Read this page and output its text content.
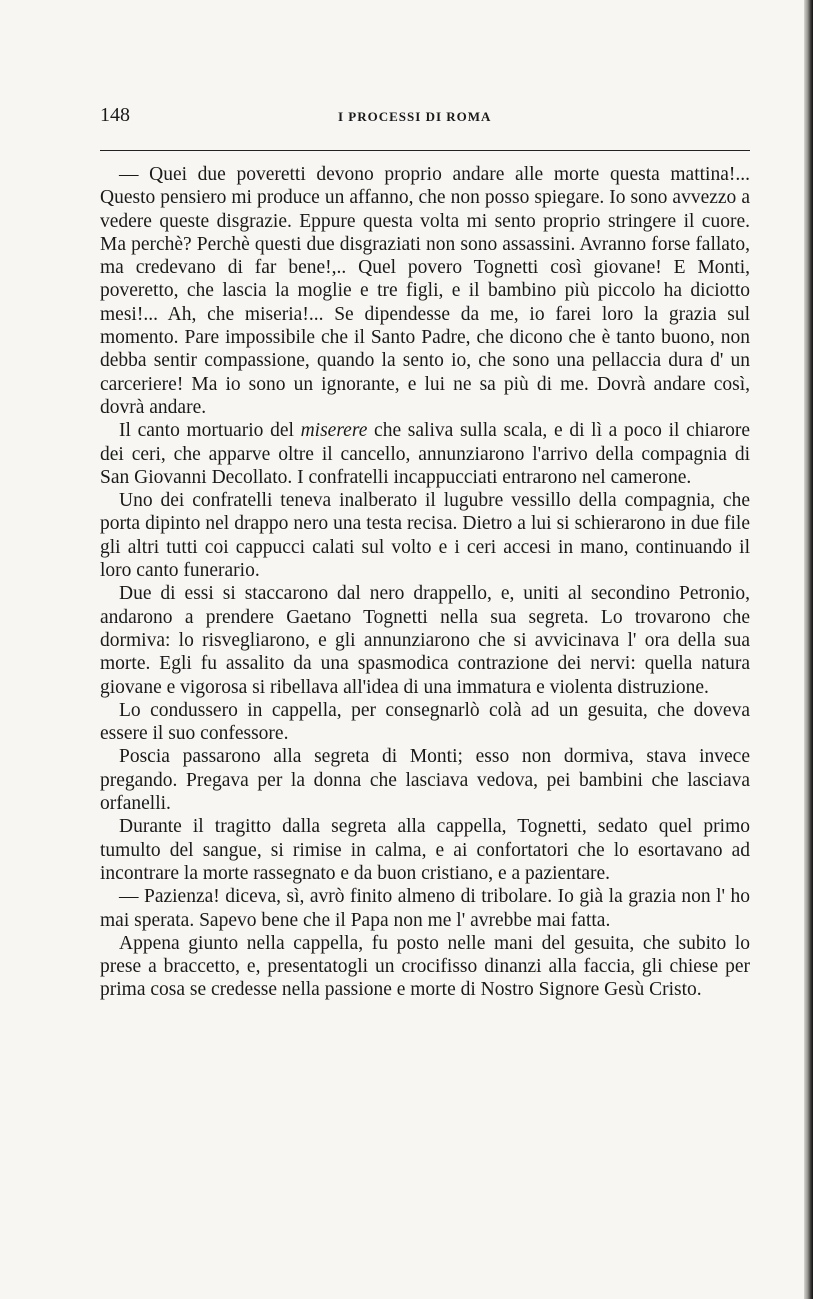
148	I PROCESSI DI ROMA

— Quei due poveretti devono proprio andare alle morte questa mattina!... Questo pensiero mi produce un affanno, che non posso spiegare. Io sono avvezzo a vedere queste disgrazie. Eppure questa volta mi sento proprio stringere il cuore. Ma perchè? Perchè questi due disgraziati non sono assassini. Avranno forse fallato, ma credevano di far bene!,.. Quel povero Tognetti così giovane! E Monti, poveretto, che lascia la moglie e tre figli, e il bambino più piccolo ha diciotto mesi!... Ah, che miseria!... Se dipendesse da me, io farei loro la grazia sul momento. Pare impossibile che il Santo Padre, che dicono che è tanto buono, non debba sentir compassione, quando la sento io, che sono una pellaccia dura d' un carceriere! Ma io sono un ignorante, e lui ne sa più di me. Dovrà andare così, dovrà andare.

Il canto mortuario del miserere che saliva sulla scala, e di lì a poco il chiarore dei ceri, che apparve oltre il cancello, annunziarono l'arrivo della compagnia di San Giovanni Decollato. I confratelli incappucciati entrarono nel camerone.

Uno dei confratelli teneva inalberato il lugubre vessillo della compagnia, che porta dipinto nel drappo nero una testa recisa. Dietro a lui si schierarono in due file gli altri tutti coi cappucci calati sul volto e i ceri accesi in mano, continuando il loro canto funerario.

Due di essi si staccarono dal nero drappello, e, uniti al secondino Petronio, andarono a prendere Gaetano Tognetti nella sua segreta. Lo trovarono che dormiva: lo risvegliarono, e gli annunziarono che si avvicinava l' ora della sua morte. Egli fu assalito da una spasmodica contrazione dei nervi: quella natura giovane e vigorosa si ribellava all'idea di una immatura e violenta distruzione.

Lo condussero in cappella, per consegnarlò colà ad un gesuita, che doveva essere il suo confessore.

Poscia passarono alla segreta di Monti; esso non dormiva, stava invece pregando. Pregava per la donna che lasciava vedova, pei bambini che lasciava orfanelli.

Durante il tragitto dalla segreta alla cappella, Tognetti, sedato quel primo tumulto del sangue, si rimise in calma, e ai confortatori che lo esortavano ad incontrare la morte rassegnato e da buon cristiano, e a pazientare.

— Pazienza! diceva, sì, avrò finito almeno di tribolare. Io già la grazia non l' ho mai sperata. Sapevo bene che il Papa non me l' avrebbe mai fatta.

Appena giunto nella cappella, fu posto nelle mani del gesuita, che subito lo prese a braccetto, e, presentatogli un crocifisso dinanzi alla faccia, gli chiese per prima cosa se credesse nella passione e morte di Nostro Signore Gesù Cristo.
